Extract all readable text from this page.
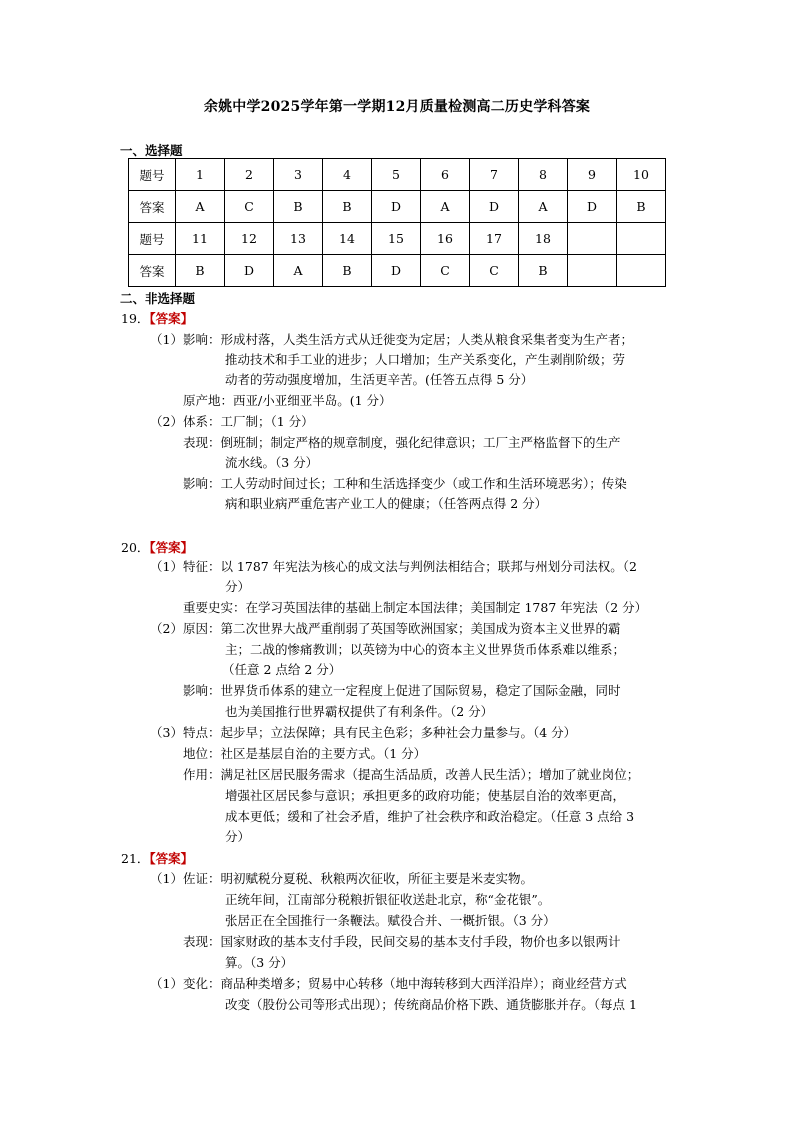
余姚中学2025学年第一学期12月质量检测高二历史学科答案
一、选择题
题号	1	2	3	4	5	6	7	8	9	10
答案	A	C	B	B	D	A	D	A	D	B
题号	11	12	13	14	15	16	17	18		
答案	B	D	A	B	D	C	C	B		
二、非选择题
19．【答案】
（1）影响：形成村落，人类生活方式从迁徙变为定居；人类从粮食采集者变为生产者；
推动技术和手工业的进步；人口增加；生产关系变化，产生剥削阶级；劳
动者的劳动强度增加，生活更辛苦。(任答五点得 5 分）
原产地：西亚/小亚细亚半岛。(1 分）
（2）体系：工厂制；（1 分）
表现：倒班制；制定严格的规章制度，强化纪律意识；工厂主严格监督下的生产
流水线。（3 分）
影响：工人劳动时间过长；工种和生活选择变少（或工作和生活环境恶劣）；传染
病和职业病严重危害产业工人的健康；（任答两点得 2 分）
20．【答案】
（1）特征：以 1787 年宪法为核心的成文法与判例法相结合；联邦与州划分司法权。（2
分）
重要史实：在学习英国法律的基础上制定本国法律；美国制定 1787 年宪法（2 分）
（2）原因：第二次世界大战严重削弱了英国等欧洲国家；美国成为资本主义世界的霸
主；二战的惨痛教训；以英镑为中心的资本主义世界货币体系难以维系；
（任意 2 点给 2 分）
影响：世界货币体系的建立一定程度上促进了国际贸易，稳定了国际金融，同时
也为美国推行世界霸权提供了有利条件。（2 分）
（3）特点：起步早；立法保障；具有民主色彩；多种社会力量参与。（4 分）
地位：社区是基层自治的主要方式。（1 分）
作用：满足社区居民服务需求（提高生活品质，改善人民生活）；增加了就业岗位；
增强社区居民参与意识；承担更多的政府功能；使基层自治的效率更高，
成本更低；缓和了社会矛盾，维护了社会秩序和政治稳定。（任意 3 点给 3
分）
21．【答案】
（1）佐证：明初赋税分夏税、秋粮两次征收，所征主要是米麦实物。
正统年间，江南部分税粮折银征收送赴北京，称“金花银”。
张居正在全国推行一条鞭法。赋役合并、一概折银。（3 分）
表现：国家财政的基本支付手段，民间交易的基本支付手段，物价也多以银两计
算。（3 分）
（1）变化：商品种类增多；贸易中心转移（地中海转移到大西洋沿岸）；商业经营方式
改变（股份公司等形式出现）；传统商品价格下跌、通货膨胀并存。（每点 1
